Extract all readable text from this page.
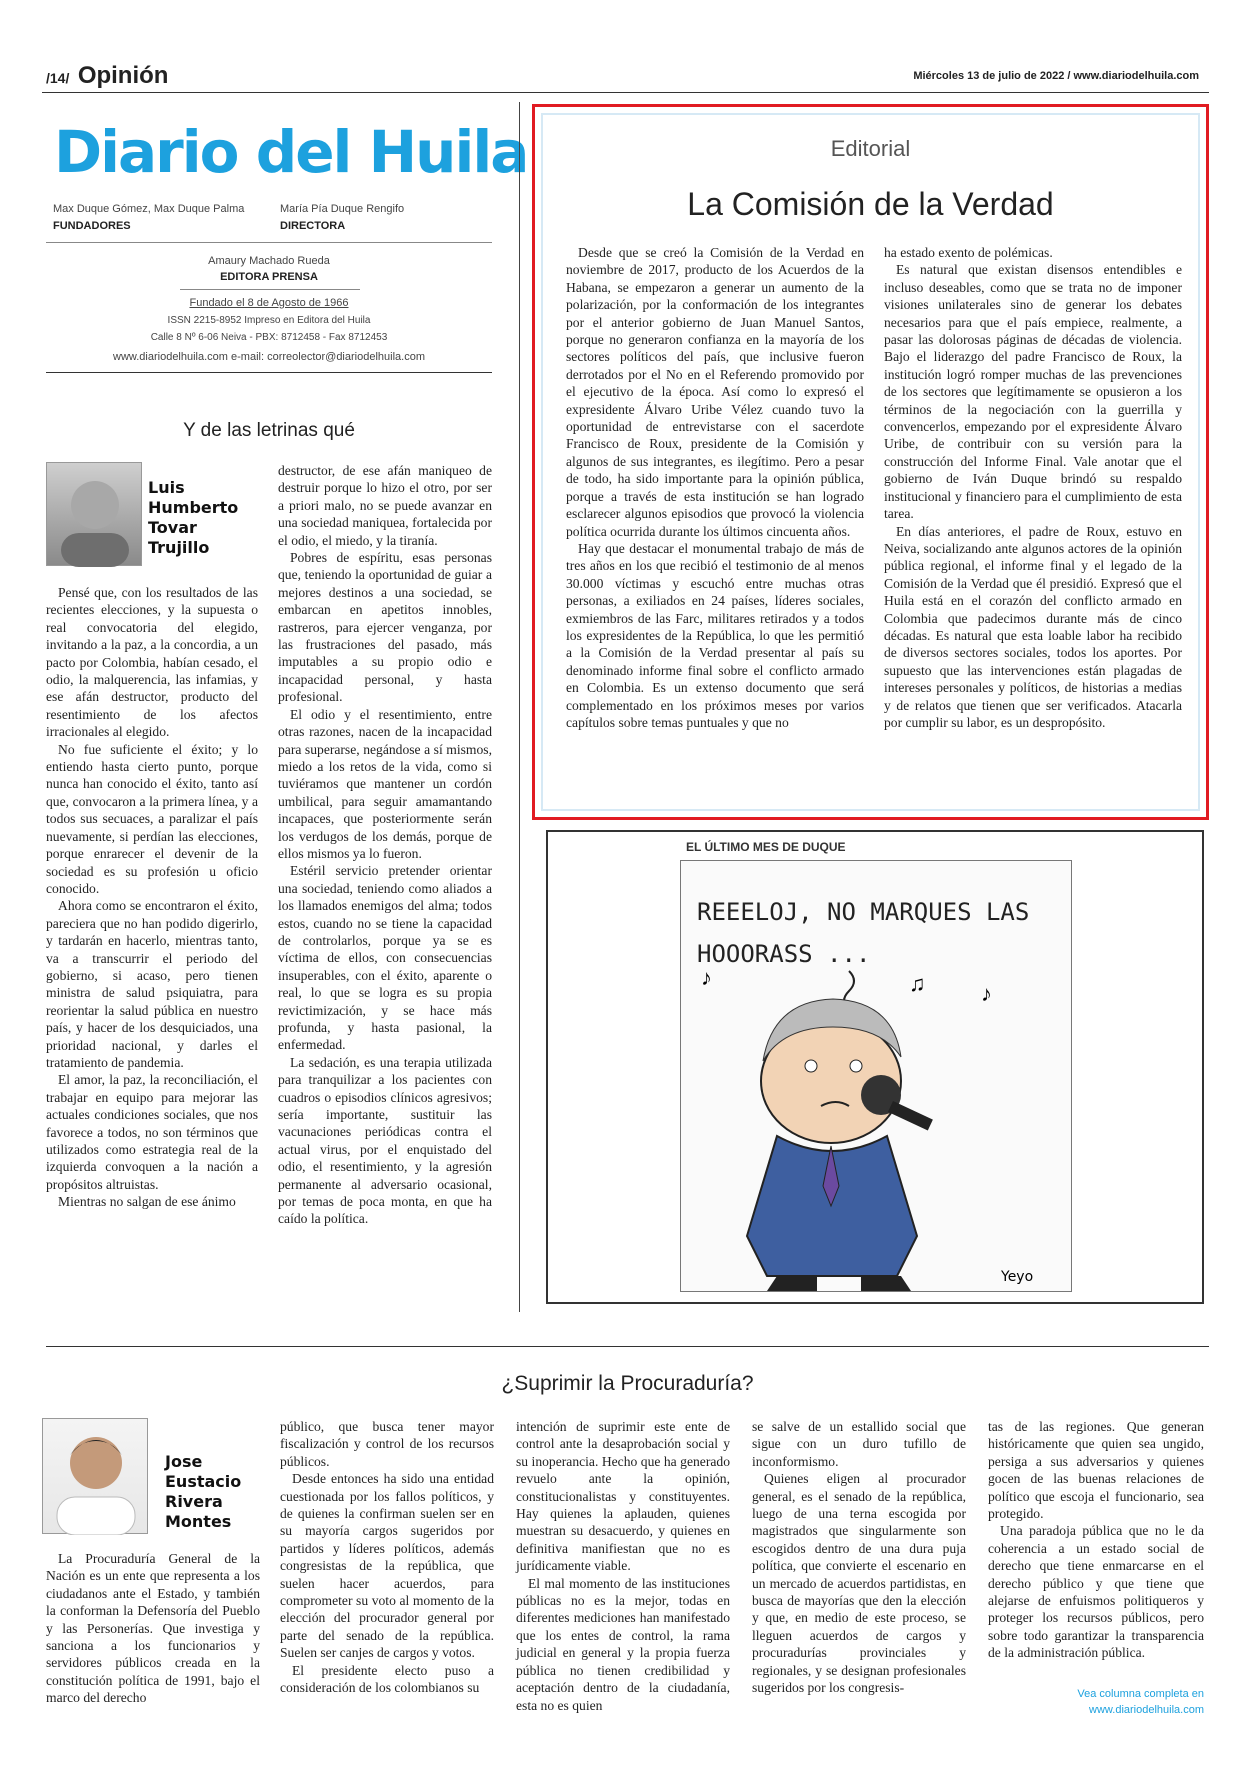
/14/ Opinión	Miércoles 13 de julio de 2022 / www.diariodelhuila.com
Diario del Huila
Max Duque Gómez, Max Duque Palma
FUNDADORES
María Pía Duque Rengifo
DIRECTORA
Amaury Machado Rueda
EDITORA PRENSA
Fundado el 8 de Agosto de 1966
ISSN 2215-8952 Impreso en Editora del Huila
Calle 8 Nº 6-06 Neiva - PBX: 8712458 - Fax 8712453
www.diariodelhuila.com e-mail: correolector@diariodelhuila.com
Y de las letrinas qué
Luis
Humberto
Tovar
Trujillo

Pensé que, con los resultados de las recientes elecciones, y la supuesta o real convocatoria del elegido, invitando a la paz, a la concordia, a un pacto por Colombia, habían cesado, el odio, la malquerencia, las infamias, y ese afán destructor, producto del resentimiento de los afectos irracionales al elegido.

No fue suficiente el éxito; y lo entiendo hasta cierto punto, porque nunca han conocido el éxito, tanto así que, convocaron a la primera línea, y a todos sus secuaces, a paralizar el país nuevamente, si perdían las elecciones, porque enrarecer el devenir de la sociedad es su profesión u oficio conocido.

Ahora como se encontraron el éxito, pareciera que no han podido digerirlo, y tardarán en hacerlo, mientras tanto, va a transcurrir el periodo del gobierno, si acaso, pero tienen ministra de salud psiquiatra, para reorientar la salud pública en nuestro país, y hacer de los desquiciados, una prioridad nacional, y darles el tratamiento de pandemia.

El amor, la paz, la reconciliación, el trabajar en equipo para mejorar las actuales condiciones sociales, que nos favorece a todos, no son términos que utilizados como estrategia real de la izquierda convoquen a la nación a propósitos altruistas.

Mientras no salgan de ese ánimo

destructor, de ese afán maniqueo de destruir porque lo hizo el otro, por ser a priori malo, no se puede avanzar en una sociedad maniquea, fortalecida por el odio, el miedo, y la tiranía.

Pobres de espíritu, esas personas que, teniendo la oportunidad de guiar a mejores destinos a una sociedad, se embarcan en apetitos innobles, rastreros, para ejercer venganza, por las frustraciones del pasado, más imputables a su propio odio e incapacidad personal, y hasta profesional.

El odio y el resentimiento, entre otras razones, nacen de la incapacidad para superarse, negándose a sí mismos, miedo a los retos de la vida, como si tuviéramos que mantener un cordón umbilical, para seguir amamantando incapaces, que posteriormente serán los verdugos de los demás, porque de ellos mismos ya lo fueron.

Estéril servicio pretender orientar una sociedad, teniendo como aliados a los llamados enemigos del alma; todos estos, cuando no se tiene la capacidad de controlarlos, porque ya se es víctima de ellos, con consecuencias insuperables, con el éxito, aparente o real, lo que se logra es su propia revictimización, y se hace más profunda, y hasta pasional, la enfermedad.

La sedación, es una terapia utilizada para tranquilizar a los pacientes con cuadros o episodios clínicos agresivos; sería importante, sustituir las vacunaciones periódicas contra el actual virus, por el enquistado del odio, el resentimiento, y la agresión permanente al adversario ocasional, por temas de poca monta, en que ha caído la política.

Editorial
La Comisión de la Verdad

Desde que se creó la Comisión de la Verdad en noviembre de 2017, producto de los Acuerdos de la Habana, se empezaron a generar un aumento de la polarización, por la conformación de los integrantes por el anterior gobierno de Juan Manuel Santos, porque no generaron confianza en la mayoría de los sectores políticos del país, que inclusive fueron derrotados por el No en el Referendo promovido por el ejecutivo de la época. Así como lo expresó el expresidente Álvaro Uribe Vélez cuando tuvo la oportunidad de entrevistarse con el sacerdote Francisco de Roux, presidente de la Comisión y algunos de sus integrantes, es ilegítimo. Pero a pesar de todo, ha sido importante para la opinión pública, porque a través de esta institución se han logrado esclarecer algunos episodios que provocó la violencia política ocurrida durante los últimos cincuenta años.

Hay que destacar el monumental trabajo de más de tres años en los que recibió el testimonio de al menos 30.000 víctimas y escuchó entre muchas otras personas, a exiliados en 24 países, líderes sociales, exmiembros de las Farc, militares retirados y a todos los expresidentes de la República, lo que les permitió a la Comisión de la Verdad presentar al país su denominado informe final sobre el conflicto armado en Colombia. Es un extenso documento que será complementado en los próximos meses por varios capítulos sobre temas puntuales y que no

ha estado exento de polémicas.

Es natural que existan disensos entendibles e incluso deseables, como que se trata no de imponer visiones unilaterales sino de generar los debates necesarios para que el país empiece, realmente, a pasar las dolorosas páginas de décadas de violencia. Bajo el liderazgo del padre Francisco de Roux, la institución logró romper muchas de las prevenciones de los sectores que legítimamente se opusieron a los términos de la negociación con la guerrilla y convencerlos, empezando por el expresidente Álvaro Uribe, de contribuir con su versión para la construcción del Informe Final. Vale anotar que el gobierno de Iván Duque brindó su respaldo institucional y financiero para el cumplimiento de esta tarea.

En días anteriores, el padre de Roux, estuvo en Neiva, socializando ante algunos actores de la opinión pública regional, el informe final y el legado de la Comisión de la Verdad que él presidió. Expresó que el Huila está en el corazón del conflicto armado en Colombia que padecimos durante más de cinco décadas. Es natural que esta loable labor ha recibido de diversos sectores sociales, todos los aportes. Por supuesto que las intervenciones están plagadas de intereses personales y políticos, de historias a medias y de relatos que tienen que ser verificados. Atacarla por cumplir su labor, es un despropósito.

EL ÚLTIMO MES DE DUQUE
REEELOJ, NO MARQUES LAS HOOORASS ...
♪	♫	♪
Yeyo
¿Suprimir la Procuraduría?
Jose
Eustacio
Rivera
Montes

La Procuraduría General de la Nación es un ente que representa a los ciudadanos ante el Estado, y también la conforman la Defensoría del Pueblo y las Personerías. Que investiga y sanciona a los funcionarios y servidores públicos creada en la constitución política de 1991, bajo el marco del derecho

público, que busca tener mayor fiscalización y control de los recursos públicos.

Desde entonces ha sido una entidad cuestionada por los fallos políticos, y de quienes la confirman suelen ser en su mayoría cargos sugeridos por partidos y líderes políticos, además congresistas de la república, que suelen hacer acuerdos, para comprometer su voto al momento de la elección del procurador general por parte del senado de la república. Suelen ser canjes de cargos y votos.

El presidente electo puso a consideración de los colombianos su

intención de suprimir este ente de control ante la desaprobación social y su inoperancia. Hecho que ha generado revuelo ante la opinión, constitucionalistas y constituyentes. Hay quienes la aplauden, quienes muestran su desacuerdo, y quienes en definitiva manifiestan que no es jurídicamente viable.

El mal momento de las instituciones públicas no es la mejor, todas en diferentes mediciones han manifestado que los entes de control, la rama judicial en general y la propia fuerza pública no tienen credibilidad y aceptación dentro de la ciudadanía, esta no es quien

se salve de un estallido social que sigue con un duro tufillo de inconformismo.

Quienes eligen al procurador general, es el senado de la república, luego de una terna escogida por magistrados que singularmente son escogidos dentro de una dura puja política, que convierte el escenario en un mercado de acuerdos partidistas, en busca de mayorías que den la elección y que, en medio de este proceso, se lleguen acuerdos de cargos y procuradurías provinciales y regionales, y se designan profesionales sugeridos por los congresis-

tas de las regiones. Que generan históricamente que quien sea ungido, persiga a sus adversarios y quienes gocen de las buenas relaciones de político que escoja el funcionario, sea protegido.

Una paradoja pública que no le da coherencia a un estado social de derecho que tiene enmarcarse en el derecho público y que tiene que alejarse de enfuismos politiqueros y proteger los recursos públicos, pero sobre todo garantizar la transparencia de la administración pública.

Vea columna completa en
www.diariodelhuila.com
